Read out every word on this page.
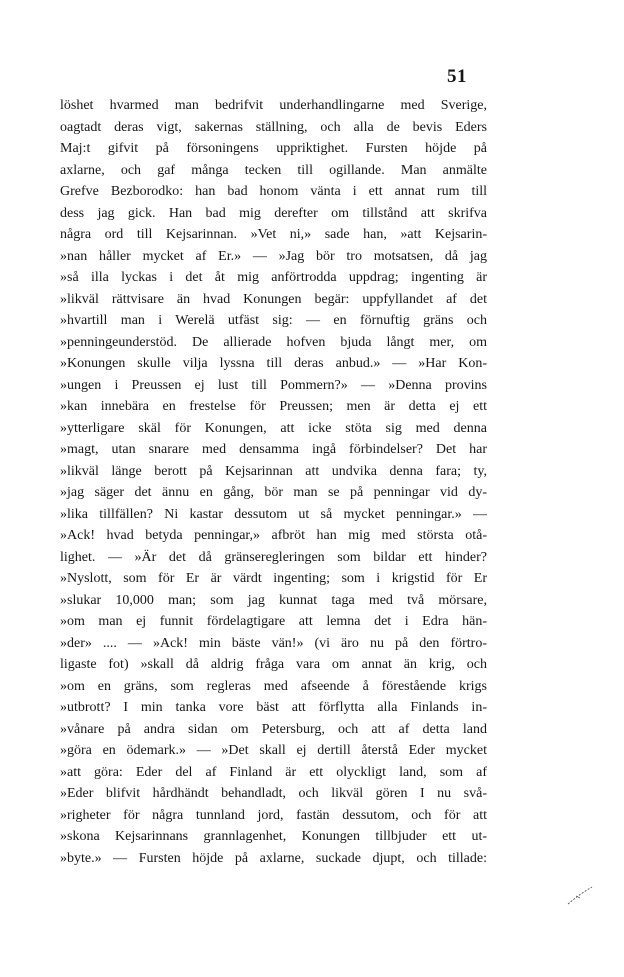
51
löshet hvarmed man bedrifvit underhandlingarne med Sverige,
oagtadt deras vigt, sakernas ställning, och alla de bevis Eders
Maj:t gifvit på försoningens uppriktighet. Fursten höjde på
axlarne, och gaf många tecken till ogillande. Man anmälte
Grefve Bezborodko: han bad honom vänta i ett annat rum till
dess jag gick. Han bad mig derefter om tillstånd att skrifva
några ord till Kejsarinnan. »Vet ni,» sade han, »att Kejsarin-
»nan håller mycket af Er.» — »Jag bör tro motsatsen, då jag
»så illa lyckas i det åt mig anförtrodda uppdrag; ingenting är
»likväl rättvisare än hvad Konungen begär: uppfyllandet af det
»hvartill man i Werelä utfäst sig: — en förnuftig gräns och
»penningeunderstöd. De allierade hofven bjuda långt mer, om
»Konungen skulle vilja lyssna till deras anbud.» — »Har Kon-
»ungen i Preussen ej lust till Pommern?» — »Denna provins
»kan innebära en frestelse för Preussen; men är detta ej ett
»ytterligare skäl för Konungen, att icke stöta sig med denna
»magt, utan snarare med densamma ingå förbindelser? Det har
»likväl länge berott på Kejsarinnan att undvika denna fara; ty,
»jag säger det ännu en gång, bör man se på penningar vid dy-
»lika tillfällen? Ni kastar dessutom ut så mycket penningar.» —
»Ack! hvad betyda penningar,» afbröt han mig med största otå-
lighet. — »Är det då gränseregleringen som bildar ett hinder?
»Nyslott, som för Er är värdt ingenting; som i krigstid för Er
»slukar 10,000 man; som jag kunnat taga med två mörsare,
»om man ej funnit fördelagtigare att lemna det i Edra hän-
»der» .... — »Ack! min bäste vän!» (vi äro nu på den förtro-
ligaste fot) »skall då aldrig fråga vara om annat än krig, och
»om en gräns, som regleras med afseende å förestående krigs
»utbrott? I min tanka vore bäst att förflytta alla Finlands in-
»vånare på andra sidan om Petersburg, och att af detta land
»göra en ödemark.» — »Det skall ej dertill återstå Eder mycket
»att göra: Eder del af Finland är ett olyckligt land, som af
»Eder blifvit hårdhändt behandladt, och likväl gören I nu svå-
»righeter för några tunnland jord, fastän dessutom, och för att
»skona Kejsarinnans grannlagenhet, Konungen tillbjuder ett ut-
»byte.» — Fursten höjde på axlarne, suckade djupt, och tillade:
